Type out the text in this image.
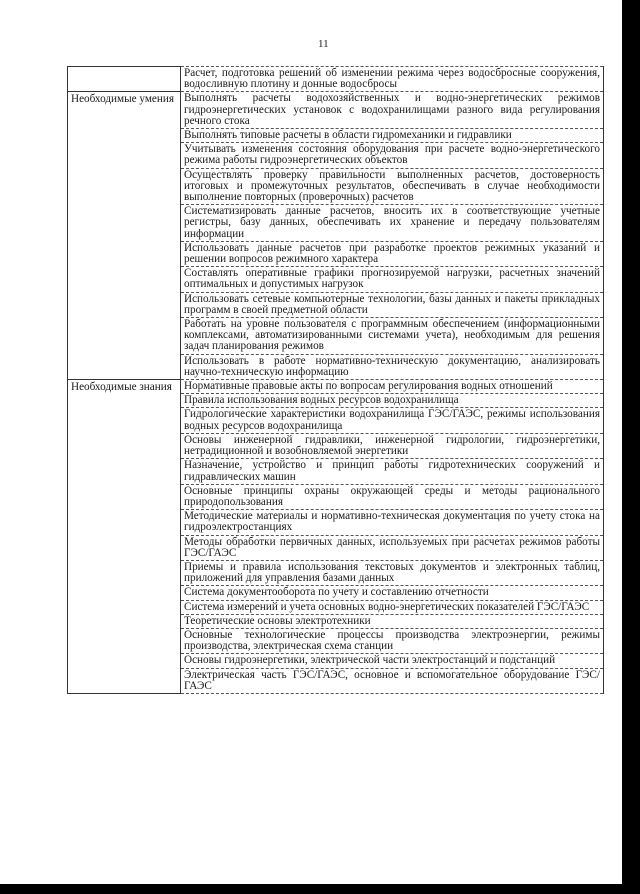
11
	Расчет, подготовка решений об изменении режима через водосбросные сооружения, водосливную плотину и донные водосбросы
Необходимые умения	Выполнять расчеты водохозяйственных и водно-энергетических режимов гидроэнергетических установок с водохранилищами разного вида регулирования речного стока
	Выполнять типовые расчеты в области гидромеханики и гидравлики
	Учитывать изменения состояния оборудования при расчете водно-энергетического режима работы гидроэнергетических объектов
	Осуществлять проверку правильности выполненных расчетов, достоверность итоговых и промежуточных результатов, обеспечивать в случае необходимости выполнение повторных (проверочных) расчетов
	Систематизировать данные расчетов, вносить их в соответствующие учетные регистры, базу данных, обеспечивать их хранение и передачу пользователям информации
	Использовать данные расчетов при разработке проектов режимных указаний и решении вопросов режимного характера
	Составлять оперативные графики прогнозируемой нагрузки, расчетных значений оптимальных и допустимых нагрузок
	Использовать сетевые компьютерные технологии, базы данных и пакеты прикладных программ в своей предметной области
	Работать на уровне пользователя с программным обеспечением (информационными комплексами, автоматизированными системами учета), необходимым для решения задач планирования режимов
	Использовать в работе нормативно-техническую документацию, анализировать научно-техническую информацию
Необходимые знания	Нормативные правовые акты по вопросам регулирования водных отношений
	Правила использования водных ресурсов водохранилища
	Гидрологические характеристики водохранилища ГЭС/ГАЭС, режимы использования водных ресурсов водохранилища
	Основы инженерной гидравлики, инженерной гидрологии, гидроэнергетики, нетрадиционной и возобновляемой энергетики
	Назначение, устройство и принцип работы гидротехнических сооружений и гидравлических машин
	Основные принципы охраны окружающей среды и методы рационального природопользования
	Методические материалы и нормативно-техническая документация по учету стока на гидроэлектростанциях
	Методы обработки первичных данных, используемых при расчетах режимов работы ГЭС/ГАЭС
	Приемы и правила использования текстовых документов и электронных таблиц, приложений для управления базами данных
	Система документооборота по учету и составлению отчетности
	Система измерений и учета основных водно-энергетических показателей ГЭС/ГАЭС
	Теоретические основы электротехники
	Основные технологические процессы производства электроэнергии, режимы производства, электрическая схема станции
	Основы гидроэнергетики, электрической части электростанций и подстанций
	Электрическая часть ГЭС/ГАЭС, основное и вспомогательное оборудование ГЭС/ГАЭС
